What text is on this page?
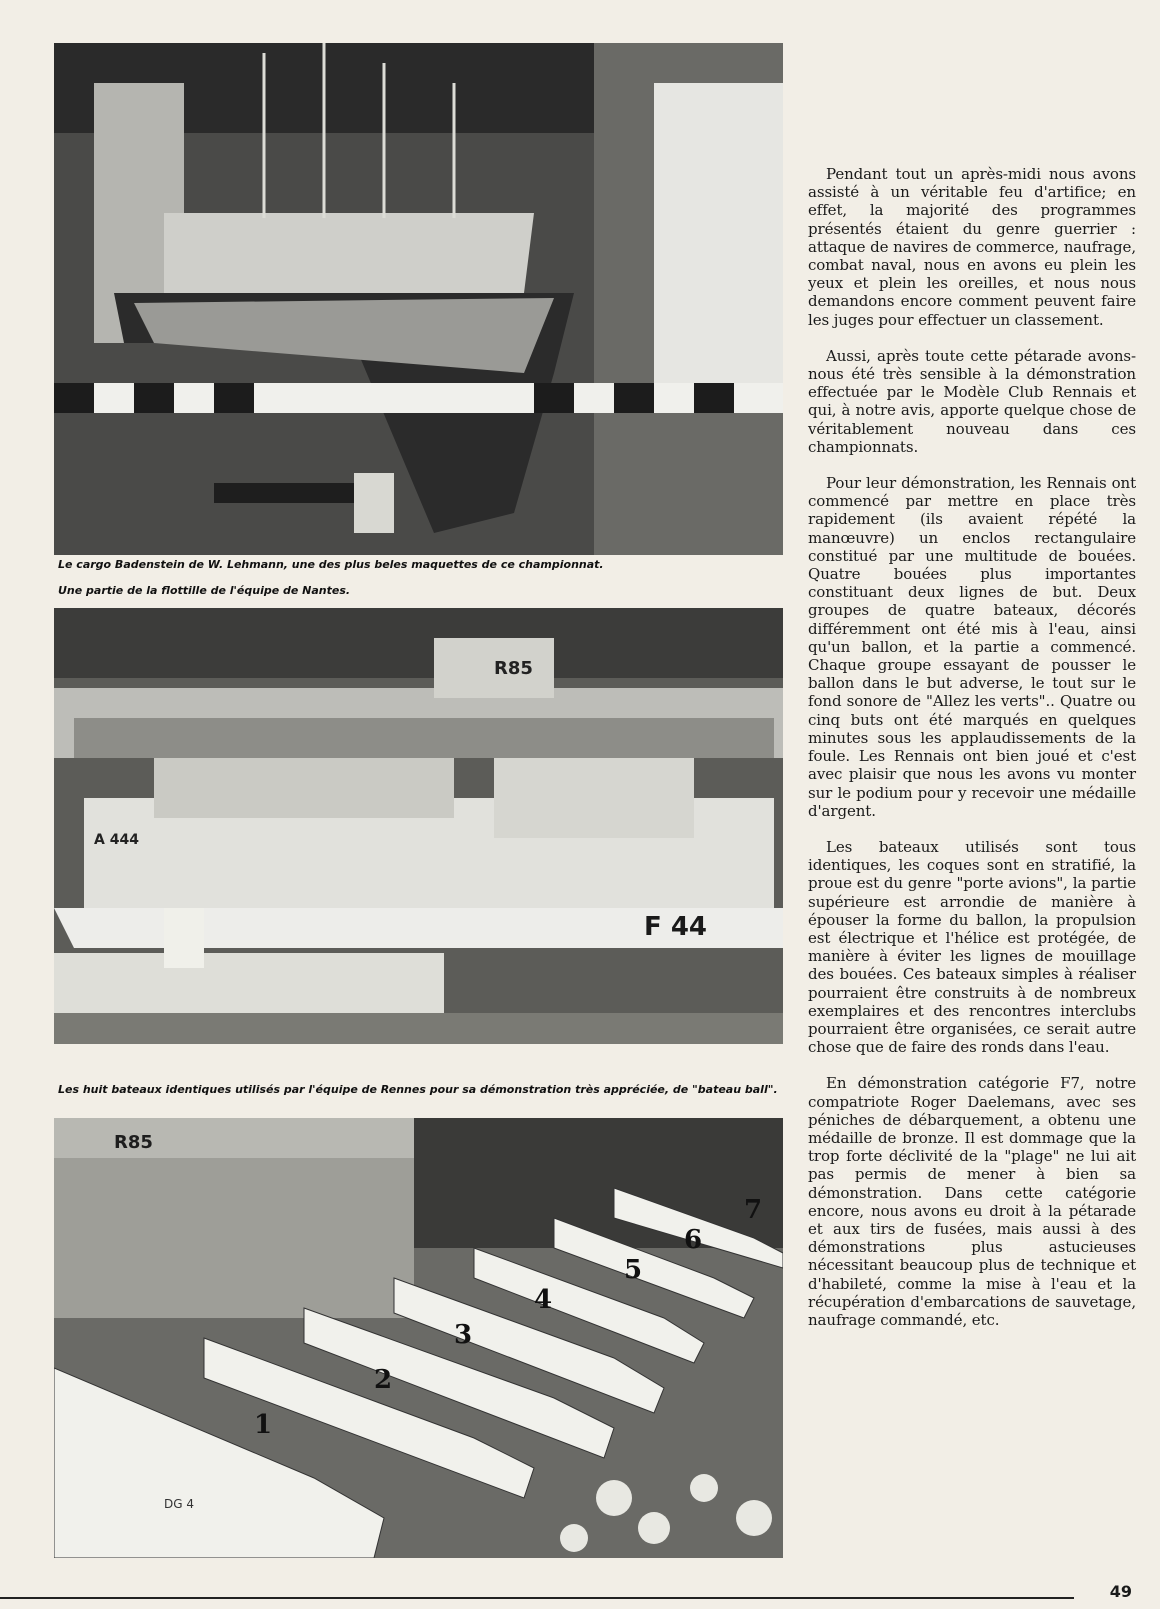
Le cargo Badenstein de W. Lehmann, une des plus beles maquettes de ce championnat.
Une partie de la flottille de l'équipe de Nantes.
R85
A 444
F 44
Les huit bateaux identiques utilisés par l'équipe de Rennes pour sa démonstration très appréciée, de "bateau ball".
R85
1
2
3
4
5
6
7
DG 4

Pendant tout un après-midi nous avons assisté à un véritable feu d'artifice; en effet, la majorité des programmes présentés étaient du genre guerrier : attaque de navires de commerce, naufrage, combat naval, nous en avons eu plein les yeux et plein les oreilles, et nous nous demandons encore comment peuvent faire les juges pour effectuer un classement.

Aussi, après toute cette pétarade avons-nous été très sensible à la démonstration effectuée par le Modèle Club Rennais et qui, à notre avis, apporte quelque chose de véritablement nouveau dans ces championnats.

Pour leur démonstration, les Rennais ont commencé par mettre en place très rapidement (ils avaient répété la manœuvre) un enclos rectangulaire constitué par une multitude de bouées. Quatre bouées plus importantes constituant deux lignes de but. Deux groupes de quatre bateaux, décorés différemment ont été mis à l'eau, ainsi qu'un ballon, et la partie a commencé. Chaque groupe essayant de pousser le ballon dans le but adverse, le tout sur le fond sonore de "Allez les verts".. Quatre ou cinq buts ont été marqués en quelques minutes sous les applaudissements de la foule. Les Rennais ont bien joué et c'est avec plaisir que nous les avons vu monter sur le podium pour y recevoir une médaille d'argent.

Les bateaux utilisés sont tous identiques, les coques sont en stratifié, la proue est du genre "porte avions", la partie supérieure est arrondie de manière à épouser la forme du ballon, la propulsion est électrique et l'hélice est protégée, de manière à éviter les lignes de mouillage des bouées. Ces bateaux simples à réaliser pourraient être construits à de nombreux exemplaires et des rencontres interclubs pourraient être organisées, ce serait autre chose que de faire des ronds dans l'eau.

En démonstration catégorie F7, notre compatriote Roger Daelemans, avec ses péniches de débarquement, a obtenu une médaille de bronze. Il est dommage que la trop forte déclivité de la "plage" ne lui ait pas permis de mener à bien sa démonstration. Dans cette catégorie encore, nous avons eu droit à la pétarade et aux tirs de fusées, mais aussi à des démonstrations plus astucieuses nécessitant beaucoup plus de technique et d'habileté, comme la mise à l'eau et la récupération d'embarcations de sauvetage, naufrage commandé, etc.

49
